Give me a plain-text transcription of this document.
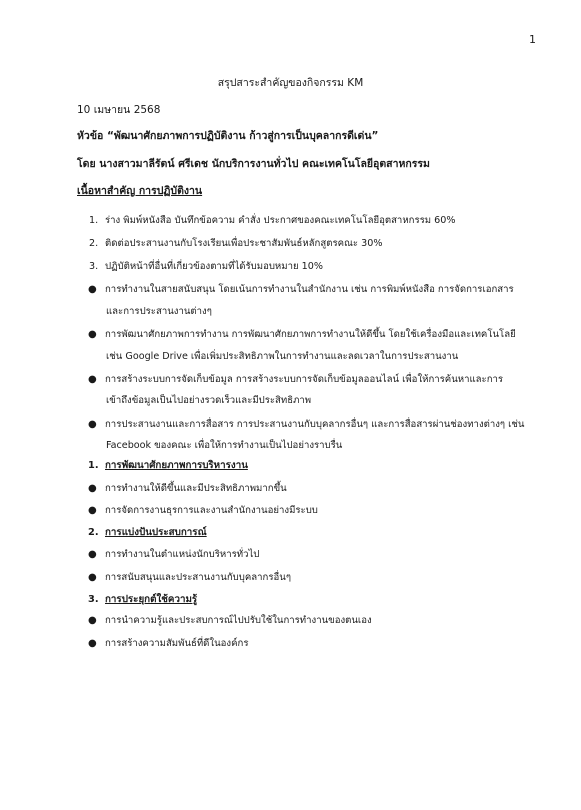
1
สรุปสาระสำคัญของกิจกรรม KM
10 เมษายน 2568
หัวข้อ “พัฒนาศักยภาพการปฏิบัติงาน ก้าวสู่การเป็นบุคลากรดีเด่น”
โดย นางสาวมาลีรัตน์ ศรีเดช นักบริการงานทั่วไป คณะเทคโนโลยีอุตสาหกรรม
เนื้อหาสำคัญ การปฏิบัติงาน
1. ร่าง พิมพ์หนังสือ บันทึกข้อความ คำสั่ง ประกาศของคณะเทคโนโลยีอุตสาหกรรม 60%
2. ติดต่อประสานงานกับโรงเรียนเพื่อประชาสัมพันธ์หลักสูตรคณะ 30%
3. ปฏิบัติหน้าที่อื่นที่เกี่ยวข้องตามที่ได้รับมอบหมาย 10%
● การทำงานในสายสนับสนุน โดยเน้นการทำงานในสำนักงาน เช่น การพิมพ์หนังสือ การจัดการเอกสาร
และการประสานงานต่างๆ
● การพัฒนาศักยภาพการทำงาน การพัฒนาศักยภาพการทำงานให้ดีขึ้น โดยใช้เครื่องมือและเทคโนโลยี
เช่น Google Drive เพื่อเพิ่มประสิทธิภาพในการทำงานและลดเวลาในการประสานงาน
● การสร้างระบบการจัดเก็บข้อมูล การสร้างระบบการจัดเก็บข้อมูลออนไลน์ เพื่อให้การค้นหาและการ
เข้าถึงข้อมูลเป็นไปอย่างรวดเร็วและมีประสิทธิภาพ
● การประสานงานและการสื่อสาร การประสานงานกับบุคลากรอื่นๆ และการสื่อสารผ่านช่องทางต่างๆ เช่น
Facebook ของคณะ เพื่อให้การทำงานเป็นไปอย่างราบรื่น
1. การพัฒนาศักยภาพการบริหารงาน
● การทำงานให้ดีขึ้นและมีประสิทธิภาพมากขึ้น
● การจัดการงานธุรการและงานสำนักงานอย่างมีระบบ
2. การแบ่งปันประสบการณ์
● การทำงานในตำแหน่งนักบริหารทั่วไป
● การสนับสนุนและประสานงานกับบุคลากรอื่นๆ
3. การประยุกต์ใช้ความรู้
● การนำความรู้และประสบการณ์ไปปรับใช้ในการทำงานของตนเอง
● การสร้างความสัมพันธ์ที่ดีในองค์กร
